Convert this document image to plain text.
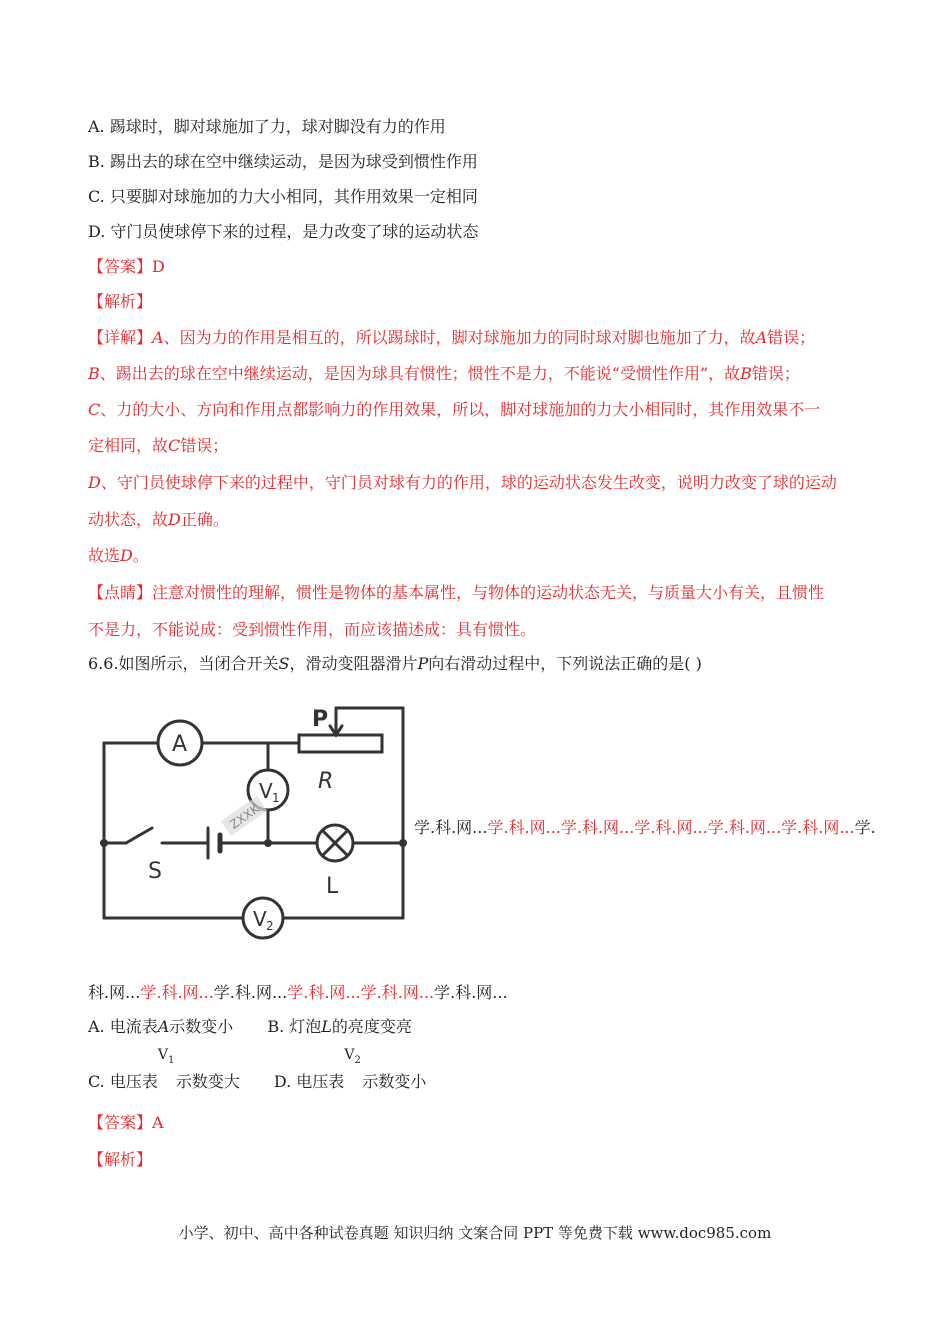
A. 踢球时，脚对球施加了力，球对脚没有力的作用
B. 踢出去的球在空中继续运动，是因为球受到惯性作用
C. 只要脚对球施加的力大小相同，其作用效果一定相同
D. 守门员使球停下来的过程，是力改变了球的运动状态
【答案】D
【解析】
【详解】A、因为力的作用是相互的，所以踢球时，脚对球施加力的同时球对脚也施加了力，故A错误；
B、踢出去的球在空中继续运动，是因为球具有惯性；惯性不是力，不能说“受惯性作用”，故B错误；
C、力的大小、方向和作用点都影响力的作用效果，所以，脚对球施加的力大小相同时，其作用效果不一
定相同，故C错误；
D、守门员使球停下来的过程中，守门员对球有力的作用，球的运动状态发生改变，说明力改变了球的运动
动状态，故D正确。
故选D。
【点睛】注意对惯性的理解，惯性是物体的基本属性，与物体的运动状态无关，与质量大小有关，且惯性
不是力，不能说成：受到惯性作用，而应该描述成：具有惯性。
6.6.如图所示，当闭合开关S，滑动变阻器滑片P向右滑动过程中，下列说法正确的是( )
ZXXK
A
P
R
V 1
S
L
V 2
学.科.网...学.科.网...学.科.网...学.科.网...学.科.网...学.科.网...学.
科.网...学.科.网...学.科.网...学.科.网...学.科.网...学.科.网...
A. 电流表A示数变小 B. 灯泡L的亮度变亮
C. 电压表
$V_1$
示数变大 D. 电压表
$V_2$
示数变小
【答案】A
【解析】
小学、初中、高中各种试卷真题 知识归纳 文案合同 PPT 等免费下载 www.doc985.com
